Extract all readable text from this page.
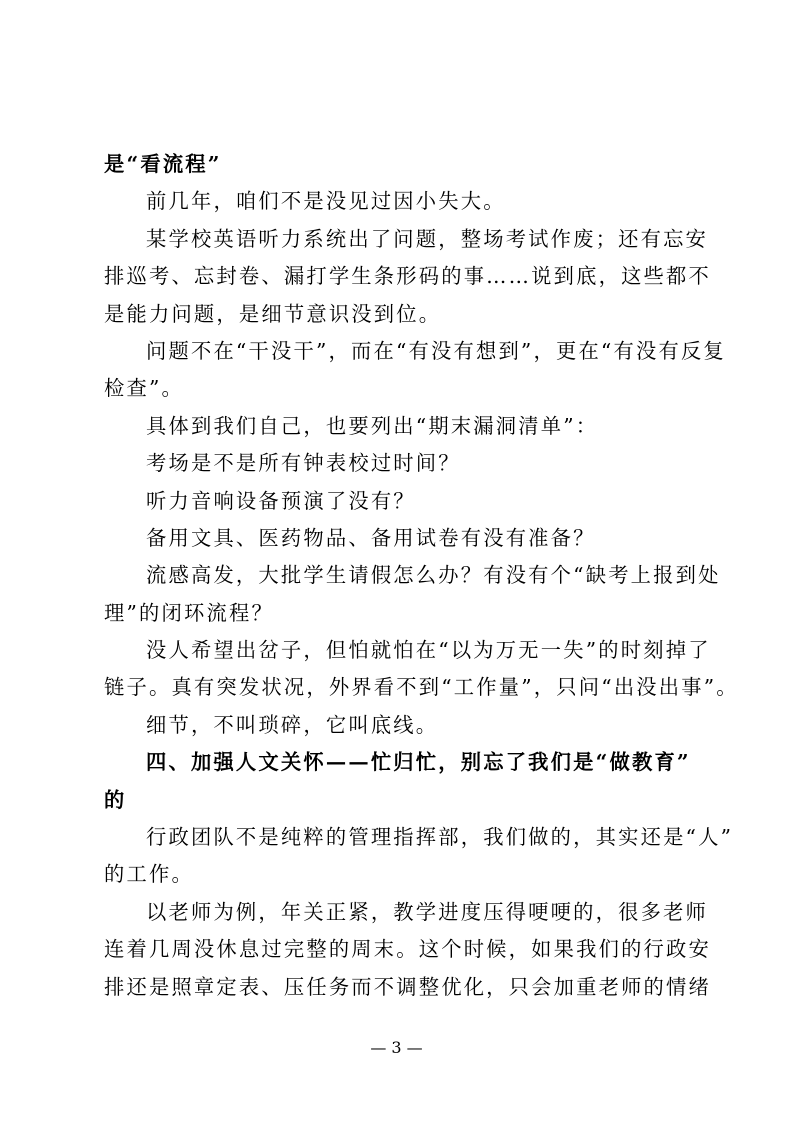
是“看流程”
前几年，咱们不是没见过因小失大。
某学校英语听力系统出了问题，整场考试作废；还有忘安
排巡考、忘封卷、漏打学生条形码的事……说到底，这些都不
是能力问题，是细节意识没到位。
问题不在“干没干”，而在“有没有想到”，更在“有没有反复
检查”。
具体到我们自己，也要列出“期末漏洞清单”：
考场是不是所有钟表校过时间？
听力音响设备预演了没有？
备用文具、医药物品、备用试卷有没有准备？
流感高发，大批学生请假怎么办？有没有个“缺考上报到处
理”的闭环流程？
没人希望出岔子，但怕就怕在“以为万无一失”的时刻掉了
链子。真有突发状况，外界看不到“工作量”，只问“出没出事”。
细节，不叫琐碎，它叫底线。
四、加强人文关怀——忙归忙，别忘了我们是“做教育”
的
行政团队不是纯粹的管理指挥部，我们做的，其实还是“人”
的工作。
以老师为例，年关正紧，教学进度压得哽哽的，很多老师
连着几周没休息过完整的周末。这个时候，如果我们的行政安
排还是照章定表、压任务而不调整优化，只会加重老师的情绪
— 3 —
